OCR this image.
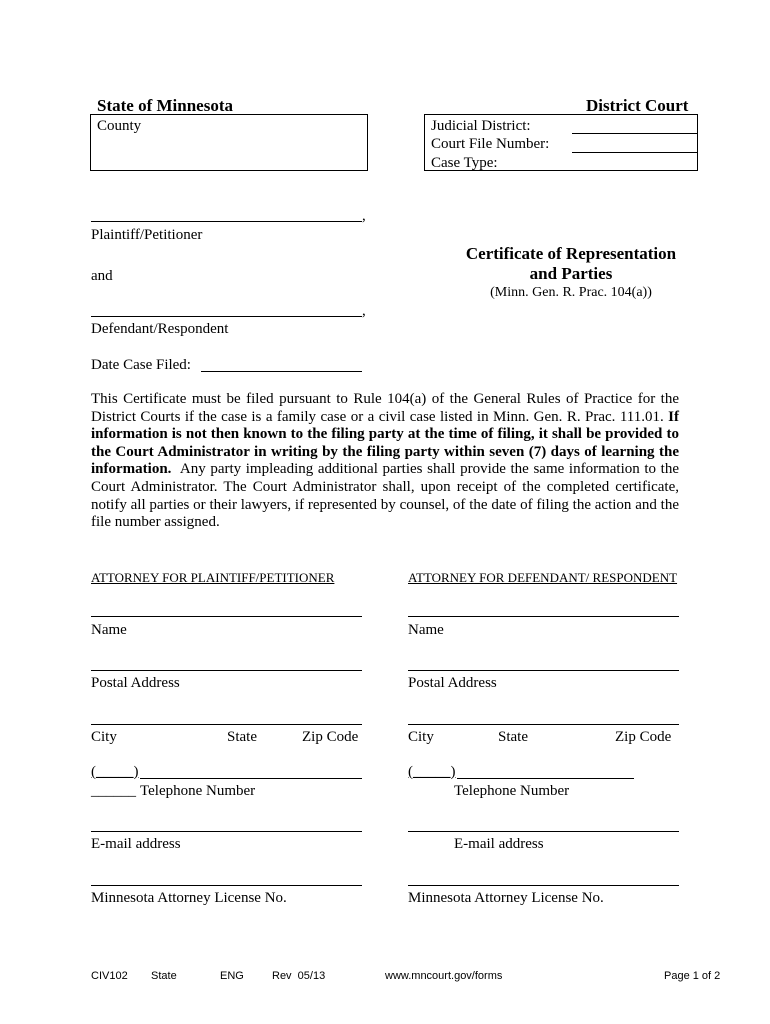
State of Minnesota	District Court
County	Judicial District:
Court File Number:
Case Type:
,
Plaintiff/Petitioner
and
,
Defendant/Respondent
Date Case Filed:
Certificate of Representation
and Parties
(Minn. Gen. R. Prac. 104(a))
This Certificate must be filed pursuant to Rule 104(a) of the General Rules of Practice for the District Courts if the case is a family case or a civil case listed in Minn. Gen. R. Prac. 111.01. If information is not then known to the filing party at the time of filing, it shall be provided to the Court Administrator in writing by the filing party within seven (7) days of learning the information. Any party impleading additional parties shall provide the same information to the Court Administrator. The Court Administrator shall, upon receipt of the completed certificate, notify all parties or their lawyers, if represented by counsel, of the date of filing the action and the file number assigned.
ATTORNEY FOR PLAINTIFF/PETITIONER
Name
Postal Address
City	State	Zip Code
(_____)
______ Telephone Number
E-mail address
Minnesota Attorney License No.
ATTORNEY FOR DEFENDANT/ RESPONDENT
Name
Postal Address
City	State	Zip Code
(_____)
Telephone Number
E-mail address
Minnesota Attorney License No.
CIV102 State	ENG	Rev  05/13	www.mncourt.gov/forms	Page 1 of 2
